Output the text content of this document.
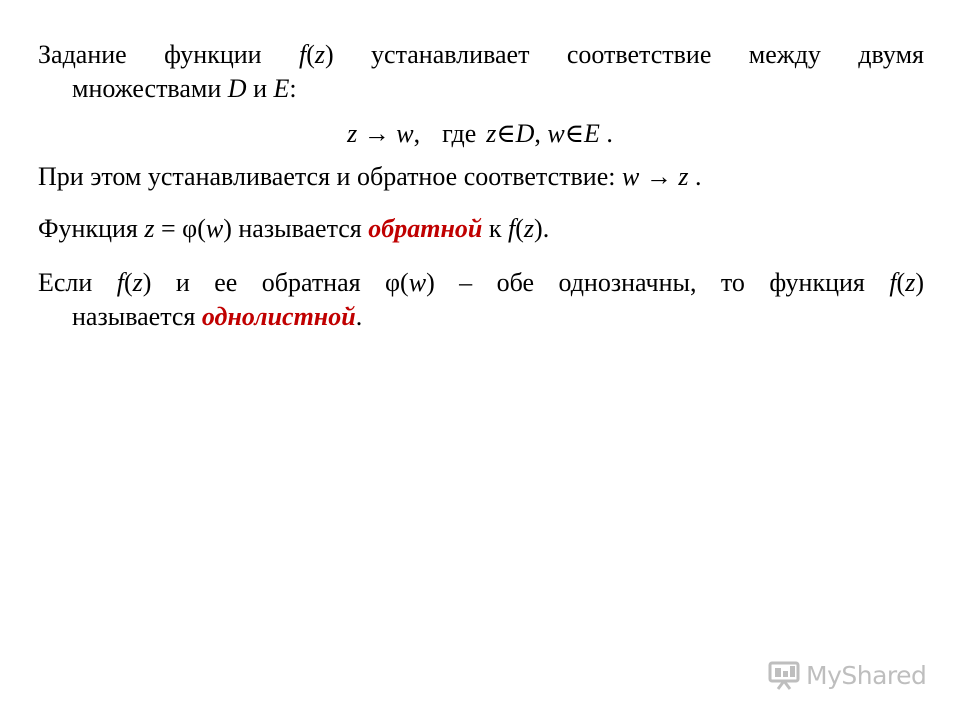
Задание функции f(z) устанавливает соответствие между двумя
множествами D и E:
z → w, где z∈D, w∈E .
При этом устанавливается и обратное соответствие: w → z .
Функция z = φ(w) называется обратной к f(z).
Если f(z) и ее обратная φ(w) – обе однозначны, то функция f(z)
называется однолистной.
MyShared
